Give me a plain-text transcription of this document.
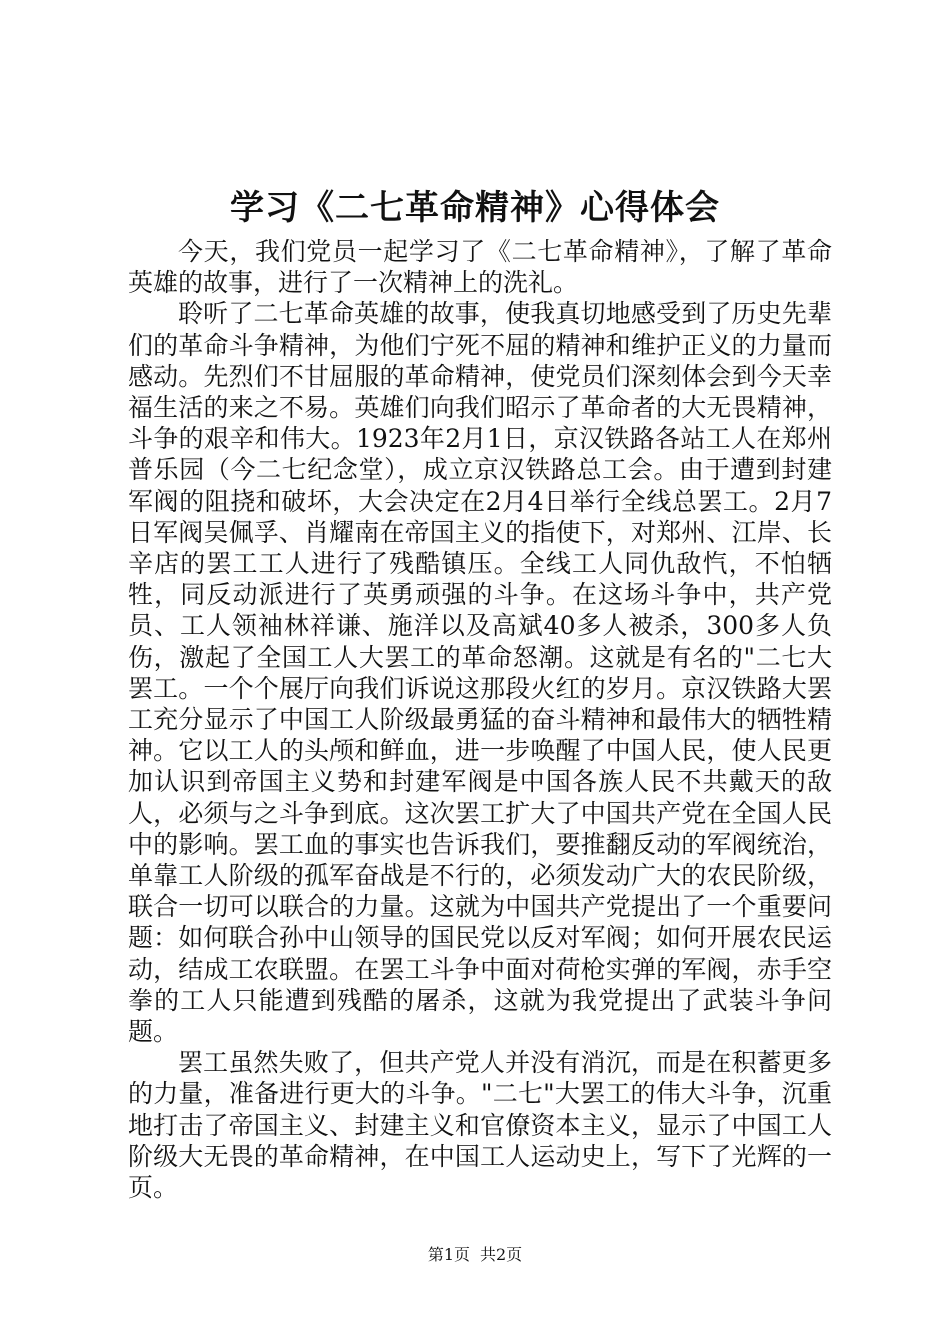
学习《二七革命精神》心得体会

今天，我们党员一起学习了《二七革命精神》，了解了革命英雄的故事，进行了一次精神上的洗礼。

聆听了二七革命英雄的故事，使我真切地感受到了历史先辈们的革命斗争精神，为他们宁死不屈的精神和维护正义的力量而感动。先烈们不甘屈服的革命精神，使党员们深刻体会到今天幸福生活的来之不易。英雄们向我们昭示了革命者的大无畏精神，斗争的艰辛和伟大。1923年2月1日，京汉铁路各站工人在郑州普乐园（今二七纪念堂），成立京汉铁路总工会。由于遭到封建军阀的阻挠和破坏，大会决定在2月4日举行全线总罢工。2月7日军阀吴佩孚、肖耀南在帝国主义的指使下，对郑州、江岸、长辛店的罢工工人进行了残酷镇压。全线工人同仇敌忾，不怕牺牲，同反动派进行了英勇顽强的斗争。在这场斗争中，共产党员、工人领袖林祥谦、施洋以及高斌40多人被杀，300多人负伤，激起了全国工人大罢工的革命怒潮。这就是有名的"二七大罢工。一个个展厅向我们诉说这那段火红的岁月。京汉铁路大罢工充分显示了中国工人阶级最勇猛的奋斗精神和最伟大的牺牲精神。它以工人的头颅和鲜血，进一步唤醒了中国人民，使人民更加认识到帝国主义势和封建军阀是中国各族人民不共戴天的敌人，必须与之斗争到底。这次罢工扩大了中国共产党在全国人民中的影响。罢工血的事实也告诉我们，要推翻反动的军阀统治，单靠工人阶级的孤军奋战是不行的，必须发动广大的农民阶级，联合一切可以联合的力量。这就为中国共产党提出了一个重要问题：如何联合孙中山领导的国民党以反对军阀；如何开展农民运动，结成工农联盟。在罢工斗争中面对荷枪实弹的军阀，赤手空拳的工人只能遭到残酷的屠杀，这就为我党提出了武装斗争问题。

罢工虽然失败了，但共产党人并没有消沉，而是在积蓄更多的力量，准备进行更大的斗争。"二七"大罢工的伟大斗争，沉重地打击了帝国主义、封建主义和官僚资本主义，显示了中国工人阶级大无畏的革命精神，在中国工人运动史上，写下了光辉的一页。

第1页 共2页
